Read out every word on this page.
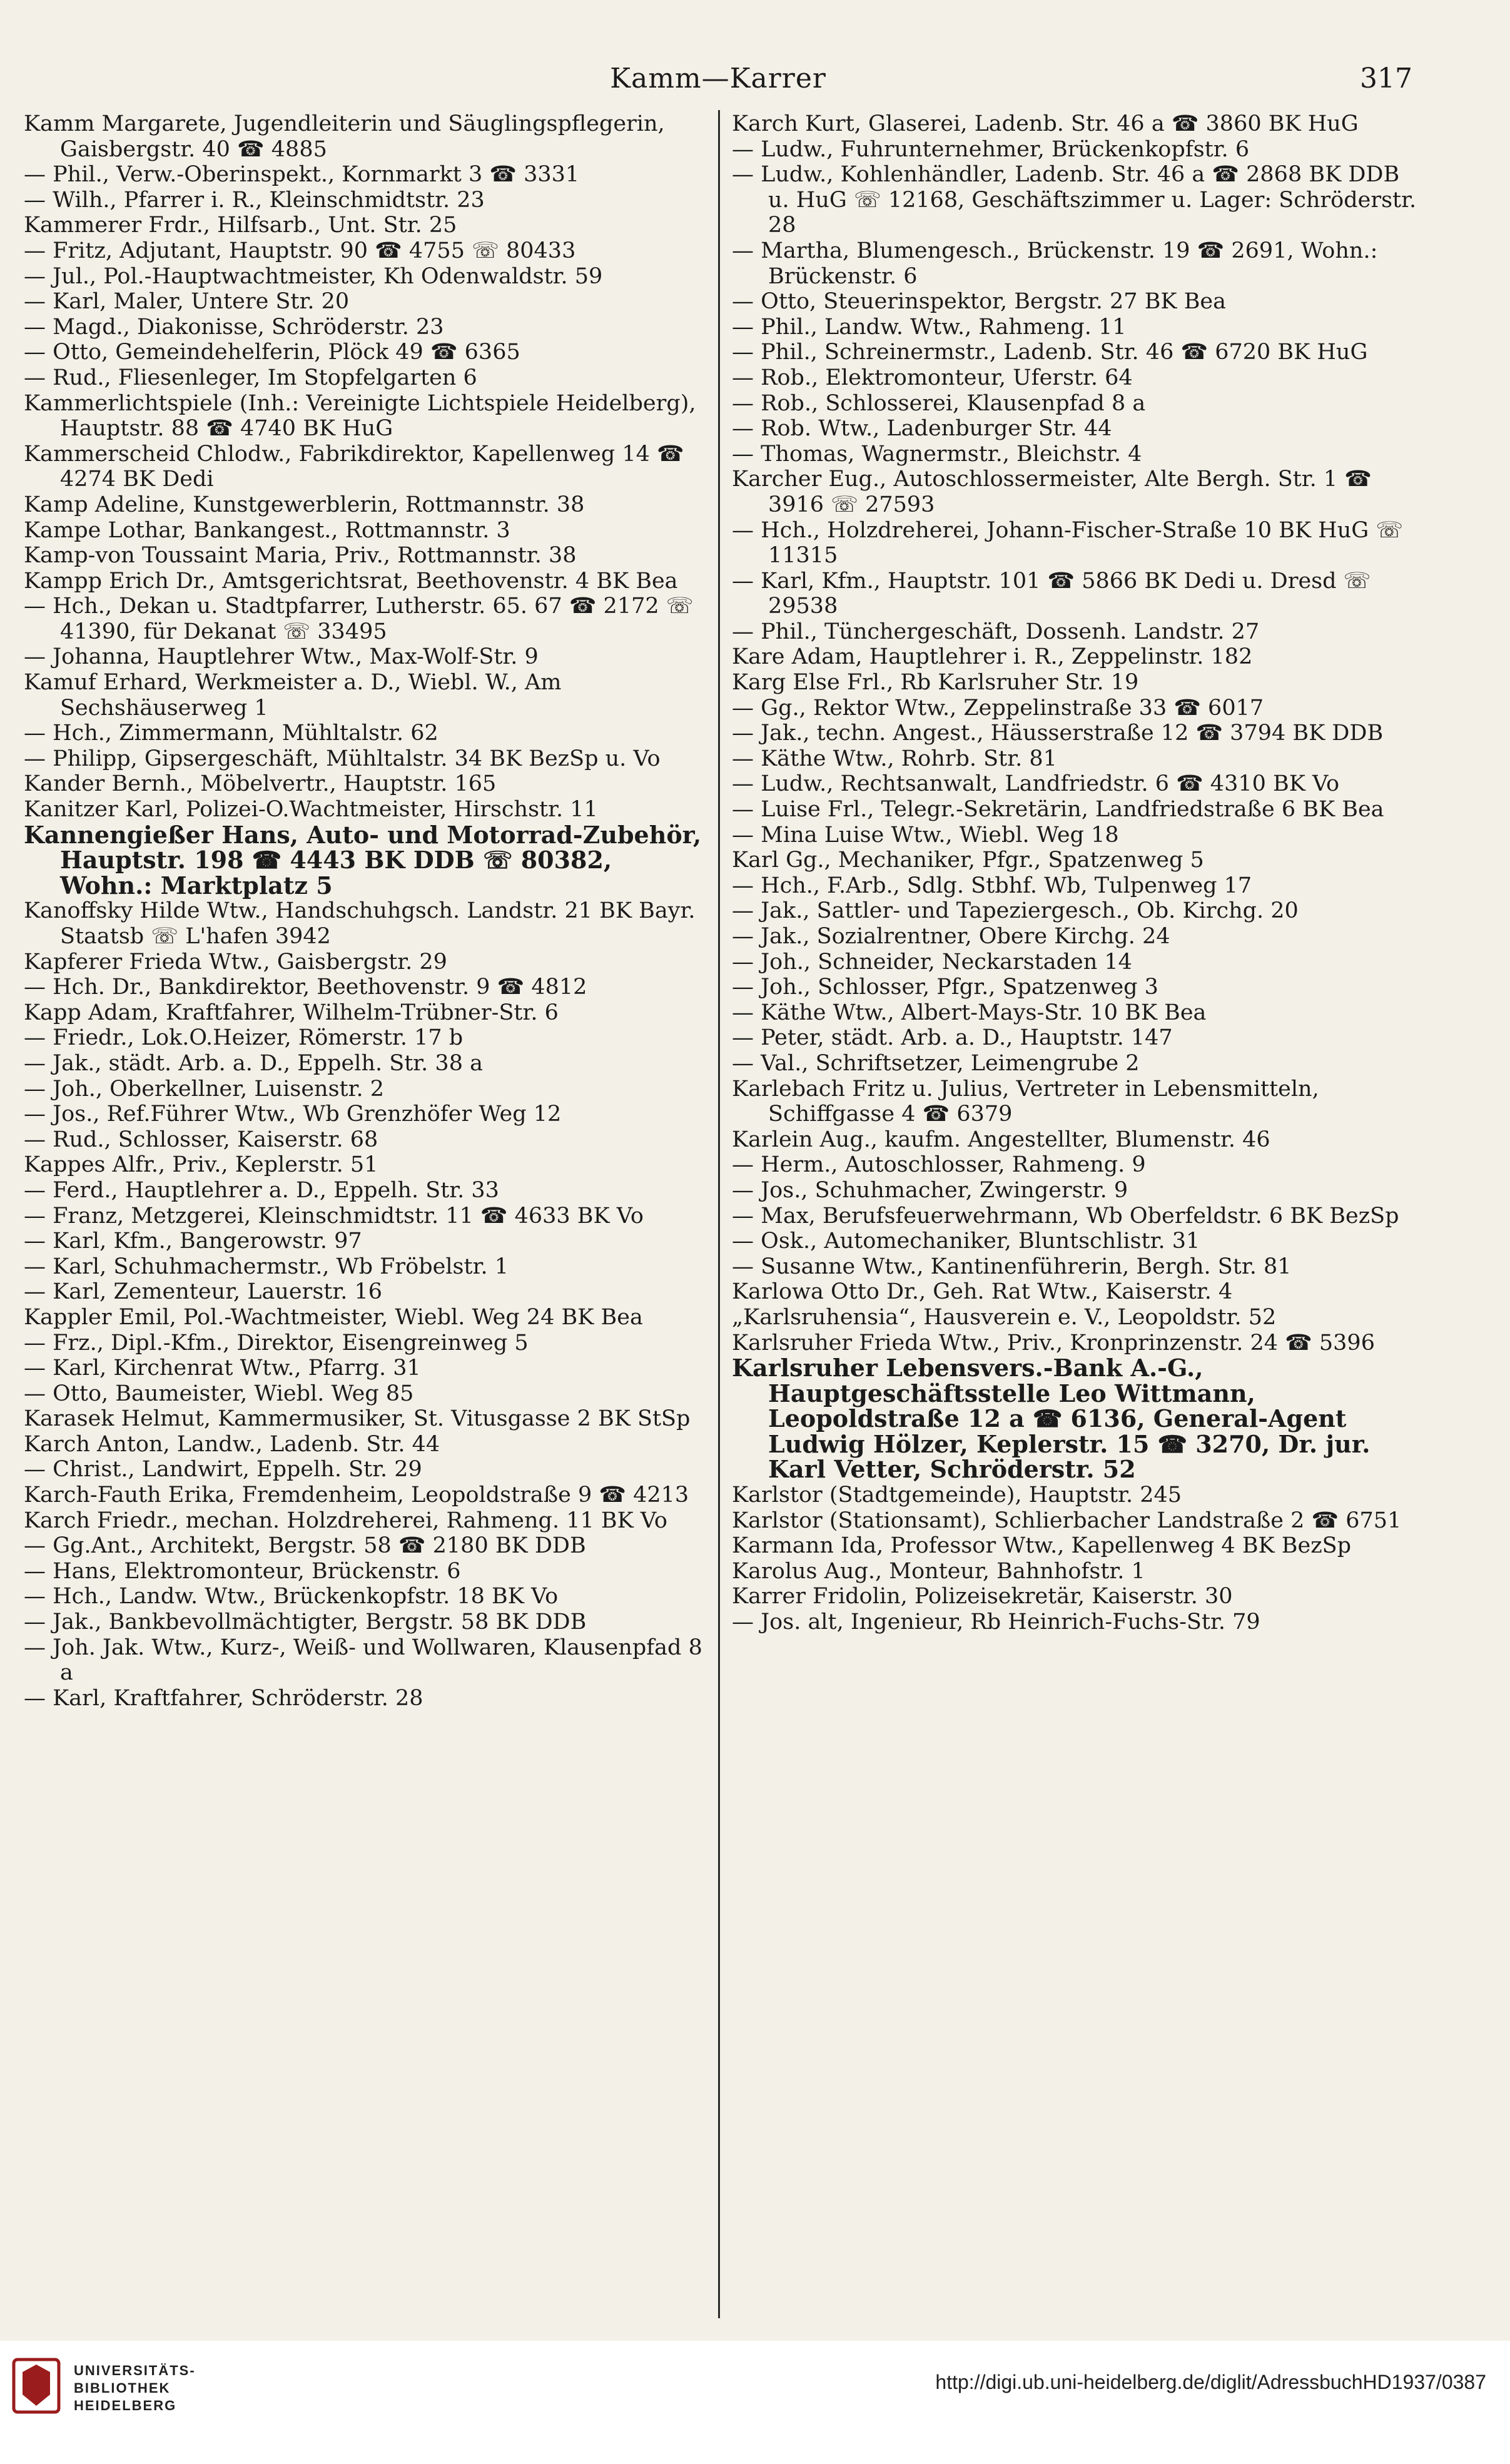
Kamm—Karrer	317

Kamm Margarete, Jugendleiterin und Säuglingspflegerin, Gaisbergstr. 40 ☎ 4885

— Phil., Verw.-Oberinspekt., Kornmarkt 3 ☎ 3331

— Wilh., Pfarrer i. R., Kleinschmidtstr. 23

Kammerer Frdr., Hilfsarb., Unt. Str. 25

— Fritz, Adjutant, Hauptstr. 90 ☎ 4755 ☏ 80433

— Jul., Pol.-Hauptwachtmeister, Kh Odenwaldstr. 59

— Karl, Maler, Untere Str. 20

— Magd., Diakonisse, Schröderstr. 23

— Otto, Gemeindehelferin, Plöck 49 ☎ 6365

— Rud., Fliesenleger, Im Stopfelgarten 6

Kammerlichtspiele (Inh.: Vereinigte Lichtspiele Heidelberg), Hauptstr. 88 ☎ 4740 BK HuG

Kammerscheid Chlodw., Fabrikdirektor, Kapellenweg 14 ☎ 4274 BK Dedi

Kamp Adeline, Kunstgewerblerin, Rottmannstr. 38

Kampe Lothar, Bankangest., Rottmannstr. 3

Kamp-von Toussaint Maria, Priv., Rottmannstr. 38

Kampp Erich Dr., Amtsgerichtsrat, Beethovenstr. 4 BK Bea

— Hch., Dekan u. Stadtpfarrer, Lutherstr. 65. 67 ☎ 2172 ☏ 41390, für Dekanat ☏ 33495

— Johanna, Hauptlehrer Wtw., Max-Wolf-Str. 9

Kamuf Erhard, Werkmeister a. D., Wiebl. W., Am Sechshäuserweg 1

— Hch., Zimmermann, Mühltalstr. 62

— Philipp, Gipsergeschäft, Mühltalstr. 34 BK BezSp u. Vo

Kander Bernh., Möbelvertr., Hauptstr. 165

Kanitzer Karl, Polizei-O.Wachtmeister, Hirschstr. 11

Kannengießer Hans, Auto- und Motorrad-Zubehör, Hauptstr. 198 ☎ 4443 BK DDB ☏ 80382, Wohn.: Marktplatz 5

Kanoffsky Hilde Wtw., Handschuhgsch. Landstr. 21 BK Bayr. Staatsb ☏ L'hafen 3942

Kapferer Frieda Wtw., Gaisbergstr. 29

— Hch. Dr., Bankdirektor, Beethovenstr. 9 ☎ 4812

Kapp Adam, Kraftfahrer, Wilhelm-Trübner-Str. 6

— Friedr., Lok.O.Heizer, Römerstr. 17 b

— Jak., städt. Arb. a. D., Eppelh. Str. 38 a

— Joh., Oberkellner, Luisenstr. 2

— Jos., Ref.Führer Wtw., Wb Grenzhöfer Weg 12

— Rud., Schlosser, Kaiserstr. 68

Kappes Alfr., Priv., Keplerstr. 51

— Ferd., Hauptlehrer a. D., Eppelh. Str. 33

— Franz, Metzgerei, Kleinschmidtstr. 11 ☎ 4633 BK Vo

— Karl, Kfm., Bangerowstr. 97

— Karl, Schuhmachermstr., Wb Fröbelstr. 1

— Karl, Zementeur, Lauerstr. 16

Kappler Emil, Pol.-Wachtmeister, Wiebl. Weg 24 BK Bea

— Frz., Dipl.-Kfm., Direktor, Eisengreinweg 5

— Karl, Kirchenrat Wtw., Pfarrg. 31

— Otto, Baumeister, Wiebl. Weg 85

Karasek Helmut, Kammermusiker, St. Vitusgasse 2 BK StSp

Karch Anton, Landw., Ladenb. Str. 44

— Christ., Landwirt, Eppelh. Str. 29

Karch-Fauth Erika, Fremdenheim, Leopoldstraße 9 ☎ 4213

Karch Friedr., mechan. Holzdreherei, Rahmeng. 11 BK Vo

— Gg.Ant., Architekt, Bergstr. 58 ☎ 2180 BK DDB

— Hans, Elektromonteur, Brückenstr. 6

— Hch., Landw. Wtw., Brückenkopfstr. 18 BK Vo

— Jak., Bankbevollmächtigter, Bergstr. 58 BK DDB

— Joh. Jak. Wtw., Kurz-, Weiß- und Wollwaren, Klausenpfad 8 a

— Karl, Kraftfahrer, Schröderstr. 28

Karch Kurt, Glaserei, Ladenb. Str. 46 a ☎ 3860 BK HuG

— Ludw., Fuhrunternehmer, Brückenkopfstr. 6

— Ludw., Kohlenhändler, Ladenb. Str. 46 a ☎ 2868 BK DDB u. HuG ☏ 12168, Geschäftszimmer u. Lager: Schröderstr. 28

— Martha, Blumengesch., Brückenstr. 19 ☎ 2691, Wohn.: Brückenstr. 6

— Otto, Steuerinspektor, Bergstr. 27 BK Bea

— Phil., Landw. Wtw., Rahmeng. 11

— Phil., Schreinermstr., Ladenb. Str. 46 ☎ 6720 BK HuG

— Rob., Elektromonteur, Uferstr. 64

— Rob., Schlosserei, Klausenpfad 8 a

— Rob. Wtw., Ladenburger Str. 44

— Thomas, Wagnermstr., Bleichstr. 4

Karcher Eug., Autoschlossermeister, Alte Bergh. Str. 1 ☎ 3916 ☏ 27593

— Hch., Holzdreherei, Johann-Fischer-Straße 10 BK HuG ☏ 11315

— Karl, Kfm., Hauptstr. 101 ☎ 5866 BK Dedi u. Dresd ☏ 29538

— Phil., Tünchergeschäft, Dossenh. Landstr. 27

Kare Adam, Hauptlehrer i. R., Zeppelinstr. 182

Karg Else Frl., Rb Karlsruher Str. 19

— Gg., Rektor Wtw., Zeppelinstraße 33 ☎ 6017

— Jak., techn. Angest., Häusserstraße 12 ☎ 3794 BK DDB

— Käthe Wtw., Rohrb. Str. 81

— Ludw., Rechtsanwalt, Landfriedstr. 6 ☎ 4310 BK Vo

— Luise Frl., Telegr.-Sekretärin, Landfriedstraße 6 BK Bea

— Mina Luise Wtw., Wiebl. Weg 18

Karl Gg., Mechaniker, Pfgr., Spatzenweg 5

— Hch., F.Arb., Sdlg. Stbhf. Wb, Tulpenweg 17

— Jak., Sattler- und Tapeziergesch., Ob. Kirchg. 20

— Jak., Sozialrentner, Obere Kirchg. 24

— Joh., Schneider, Neckarstaden 14

— Joh., Schlosser, Pfgr., Spatzenweg 3

— Käthe Wtw., Albert-Mays-Str. 10 BK Bea

— Peter, städt. Arb. a. D., Hauptstr. 147

— Val., Schriftsetzer, Leimengrube 2

Karlebach Fritz u. Julius, Vertreter in Lebensmitteln, Schiffgasse 4 ☎ 6379

Karlein Aug., kaufm. Angestellter, Blumenstr. 46

— Herm., Autoschlosser, Rahmeng. 9

— Jos., Schuhmacher, Zwingerstr. 9

— Max, Berufsfeuerwehrmann, Wb Oberfeldstr. 6 BK BezSp

— Osk., Automechaniker, Bluntschlistr. 31

— Susanne Wtw., Kantinenführerin, Bergh. Str. 81

Karlowa Otto Dr., Geh. Rat Wtw., Kaiserstr. 4

„Karlsruhensia“, Hausverein e. V., Leopoldstr. 52

Karlsruher Frieda Wtw., Priv., Kronprinzenstr. 24 ☎ 5396

Karlsruher Lebensvers.-Bank A.-G., Hauptgeschäftsstelle Leo Wittmann, Leopoldstraße 12 a ☎ 6136, General-Agent Ludwig Hölzer, Keplerstr. 15 ☎ 3270, Dr. jur. Karl Vetter, Schröderstr. 52

Karlstor (Stadtgemeinde), Hauptstr. 245

Karlstor (Stationsamt), Schlierbacher Landstraße 2 ☎ 6751

Karmann Ida, Professor Wtw., Kapellenweg 4 BK BezSp

Karolus Aug., Monteur, Bahnhofstr. 1

Karrer Fridolin, Polizeisekretär, Kaiserstr. 30

— Jos. alt, Ingenieur, Rb Heinrich-Fuchs-Str. 79

UNIVERSITÄTS-
BIBLIOTHEK
HEIDELBERG
http://digi.ub.uni-heidelberg.de/diglit/AdressbuchHD1937/0387
